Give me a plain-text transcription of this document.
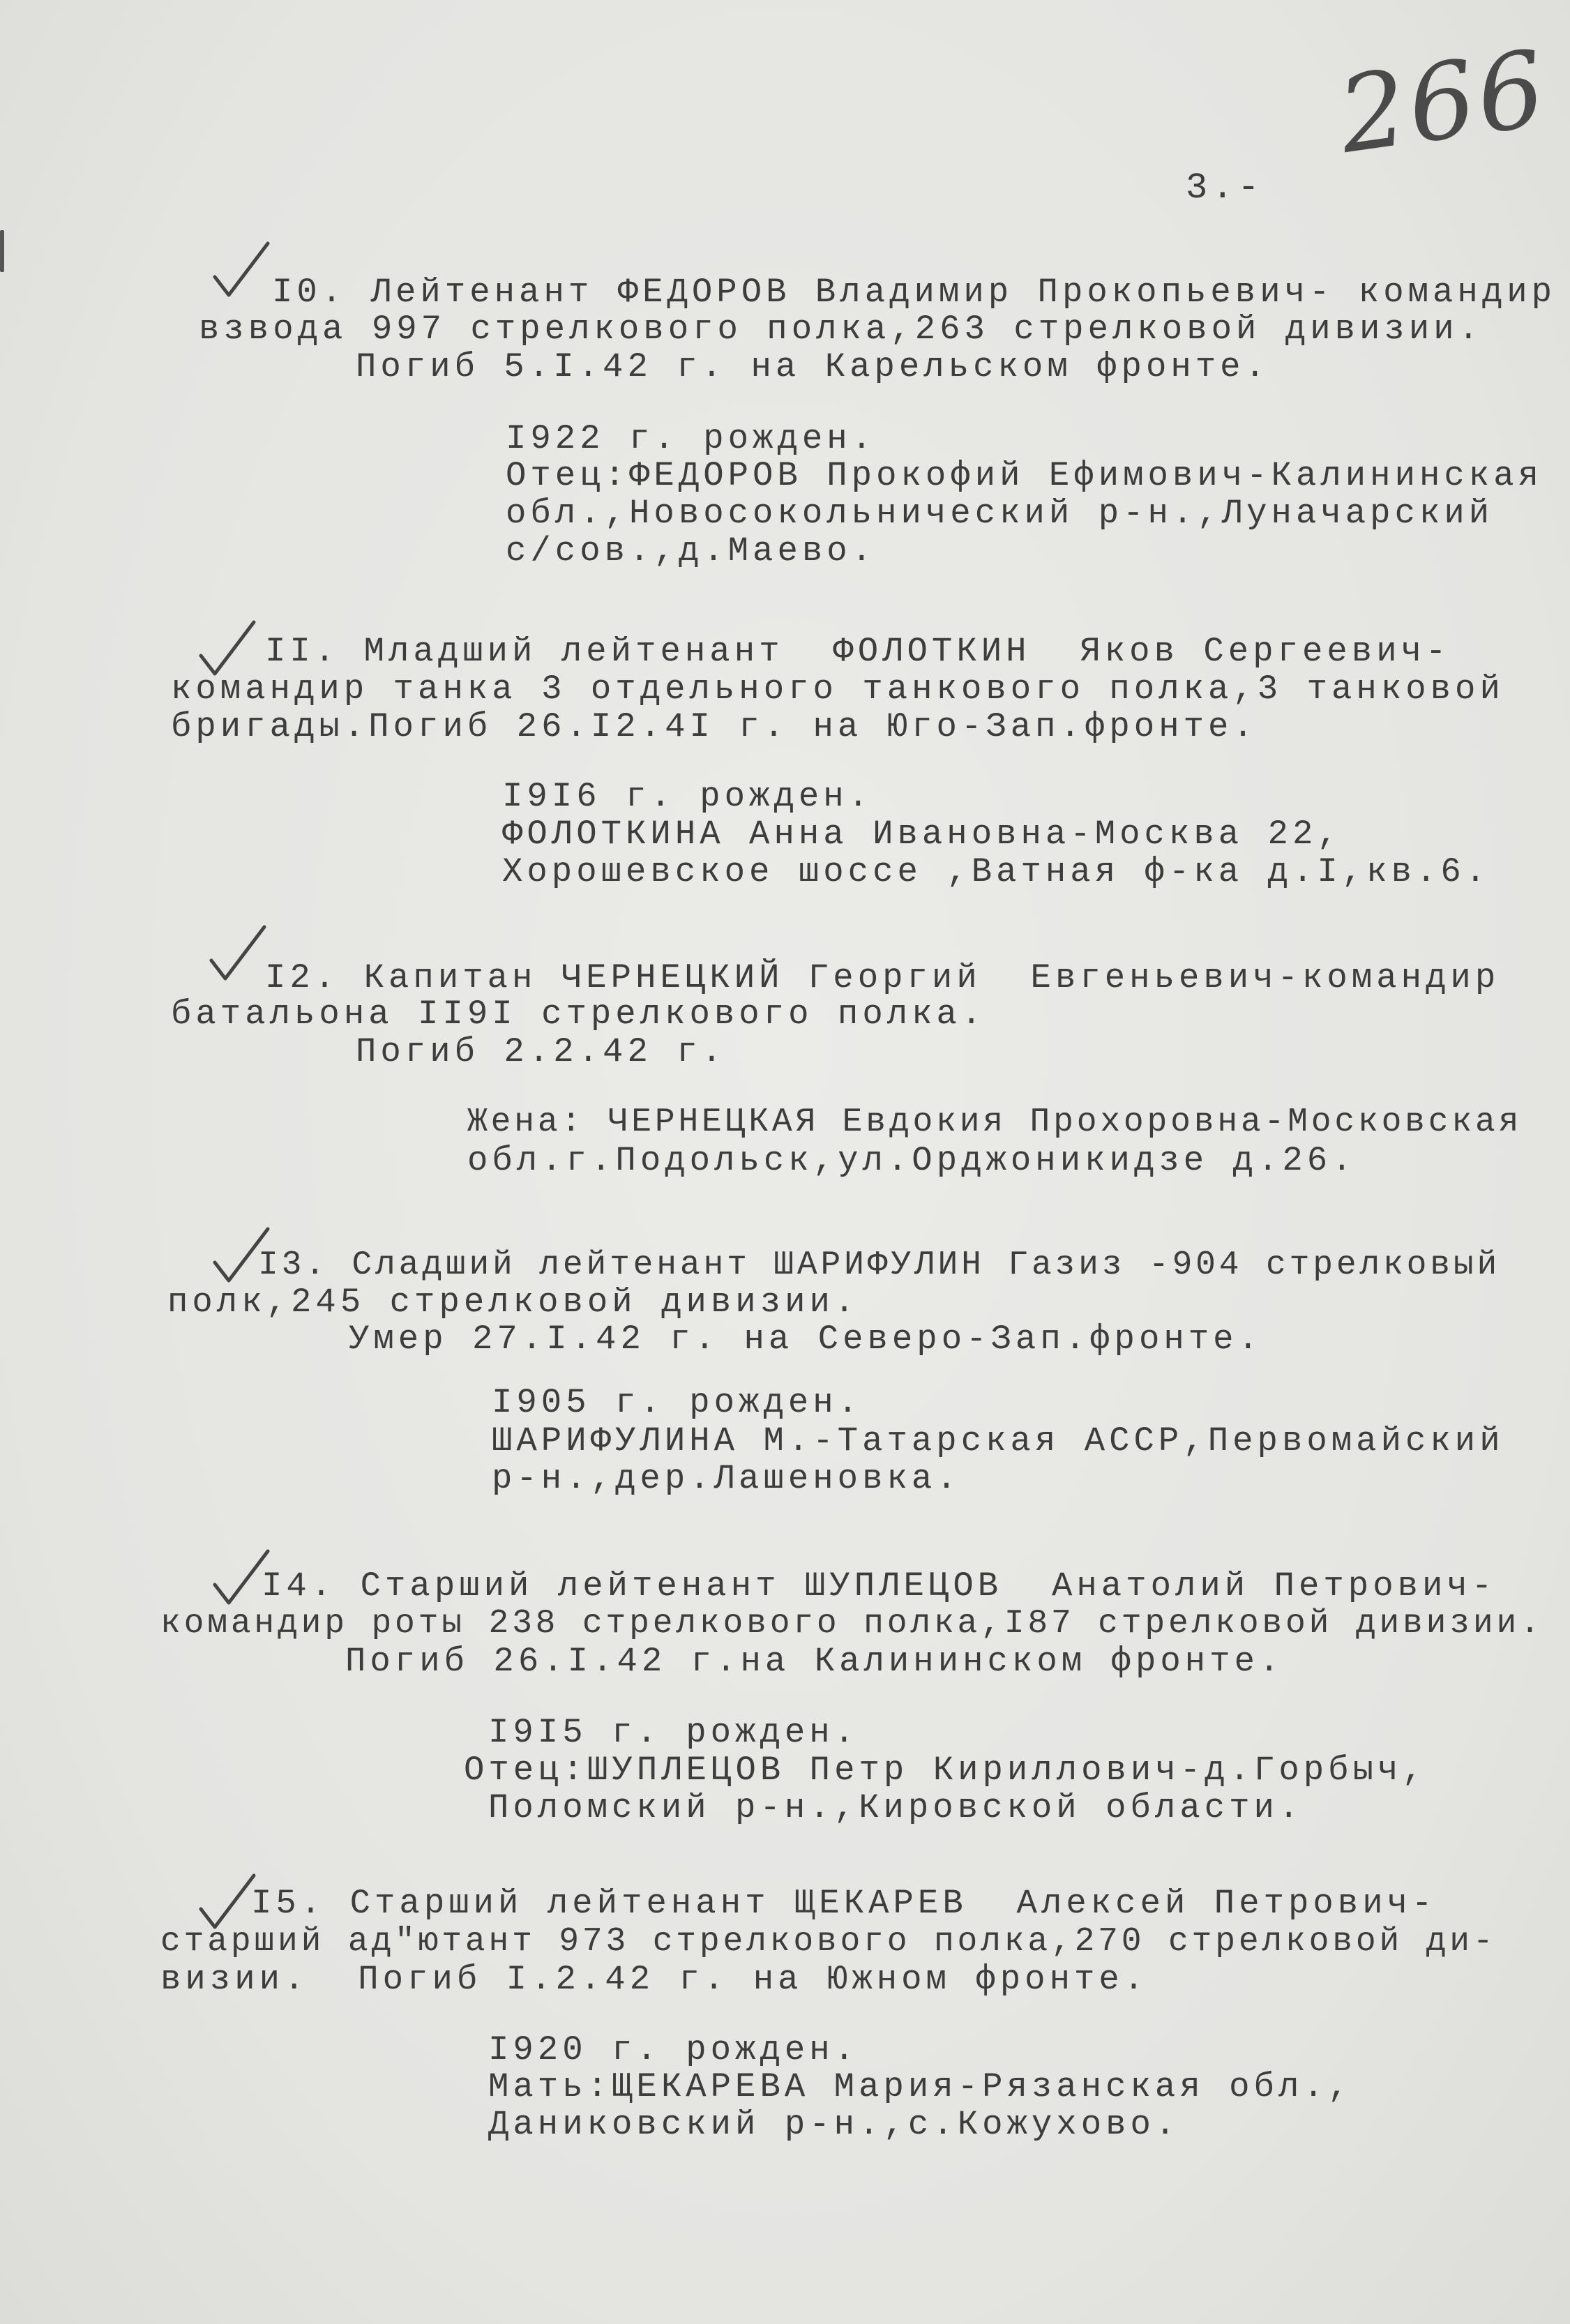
266
3.-
I0. Лейтенант ФЕДОРОВ Владимир Прокопьевич- командир
взвода 997 стрелкового полка,263 стрелковой дивизии.
Погиб 5.I.42 г. на Карельском фронте.
I922 г. рожден.
Отец:ФЕДОРОВ Прокофий Ефимович-Калининская
обл.,Новосокольнический р-н.,Луначарский
с/сов.,д.Маево.
II. Младший лейтенант  ФОЛОТКИН  Яков Сергеевич-
командир танка 3 отдельного танкового полка,3 танковой
бригады.Погиб 26.I2.4I г. на Юго-Зап.фронте.
I9I6 г. рожден.
ФОЛОТКИНА Анна Ивановна-Москва 22,
Хорошевское шоссе ,Ватная ф-ка д.I,кв.6.
I2. Капитан ЧЕРНЕЦКИЙ Георгий  Евгеньевич-командир
батальона II9I стрелкового полка.
Погиб 2.2.42 г.
Жена: ЧЕРНЕЦКАЯ Евдокия Прохоровна-Московская
обл.г.Подольск,ул.Орджоникидзе д.26.
I3. Сладший лейтенант ШАРИФУЛИН Газиз -904 стрелковый
полк,245 стрелковой дивизии.
Умер 27.I.42 г. на Северо-Зап.фронте.
I905 г. рожден.
ШАРИФУЛИНА М.-Татарская АССР,Первомайский
р-н.,дер.Лашеновка.
I4. Старший лейтенант ШУПЛЕЦОВ  Анатолий Петрович-
командир роты 238 стрелкового полка,I87 стрелковой дивизии.
Погиб 26.I.42 г.на Калининском фронте.
I9I5 г. рожден.
Отец:ШУПЛЕЦОВ Петр Кириллович-д.Горбыч,
Поломский р-н.,Кировской области.
I5. Старший лейтенант ЩЕКАРЕВ  Алексей Петрович-
старший ад"ютант 973 стрелкового полка,270 стрелковой ди-
визии.  Погиб I.2.42 г. на Южном фронте.
I920 г. рожден.
Мать:ЩЕКАРЕВА Мария-Рязанская обл.,
Даниковский р-н.,с.Кожухово.
